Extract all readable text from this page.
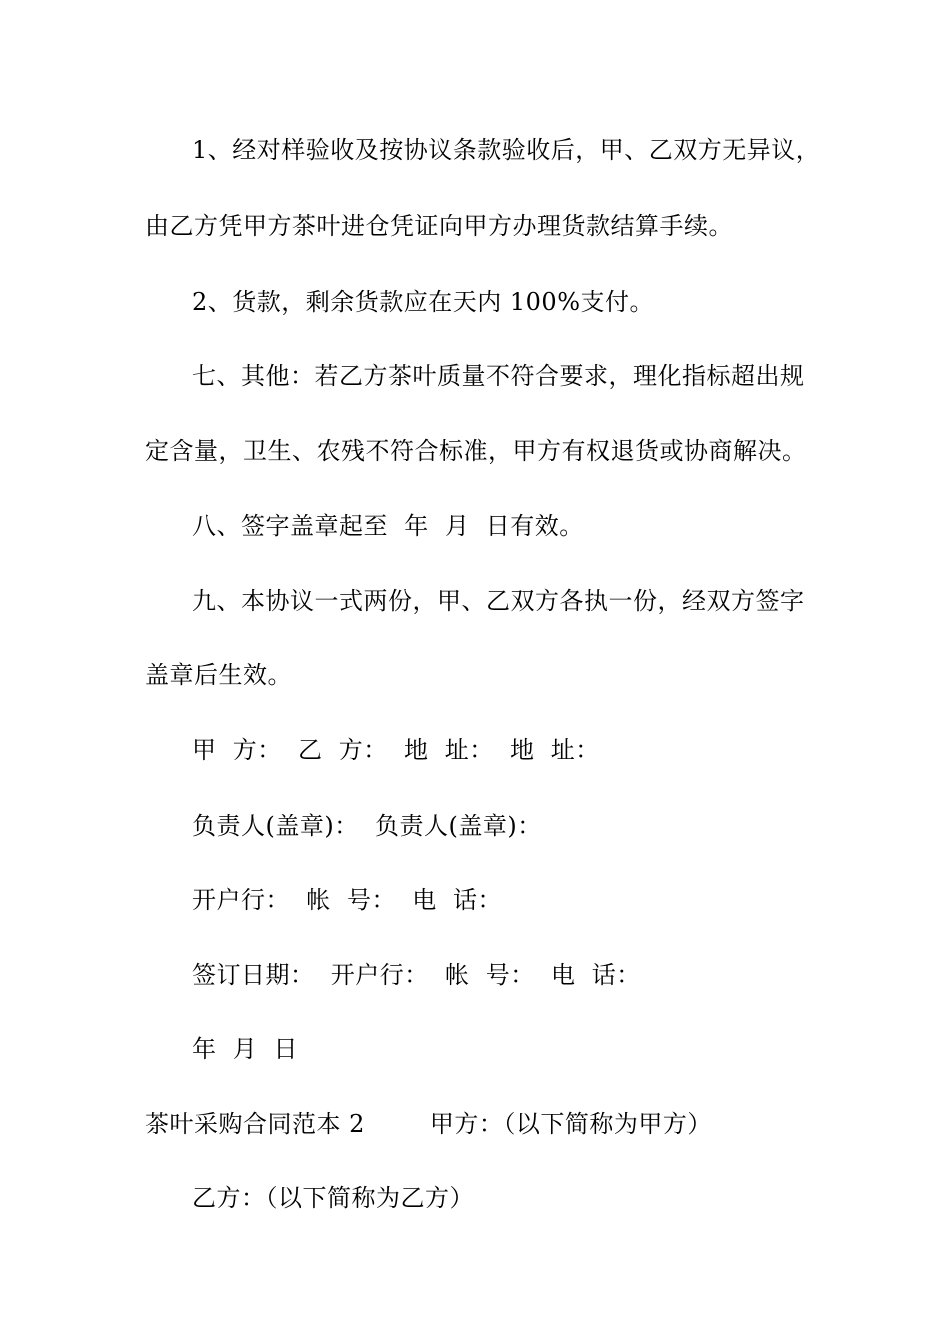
1、经对样验收及按协议条款验收后，甲、乙双方无异议，
由乙方凭甲方茶叶进仓凭证向甲方办理货款结算手续。
2、货款，剩余货款应在天内 100%支付。
七、其他：若乙方茶叶质量不符合要求，理化指标超出规
定含量，卫生、农残不符合标准，甲方有权退货或协商解决。
八、签字盖章起至  年  月  日有效。
九、本协议一式两份，甲、乙双方各执一份，经双方签字
盖章后生效。
甲  方：  乙  方：  地  址：  地  址：
负责人(盖章)：  负责人(盖章)：
开户行：  帐  号：  电  话：
签订日期：  开户行：  帐  号：  电  话：
年  月  日
茶叶采购合同范本 2        甲方：（以下简称为甲方）
乙方：（以下简称为乙方）
